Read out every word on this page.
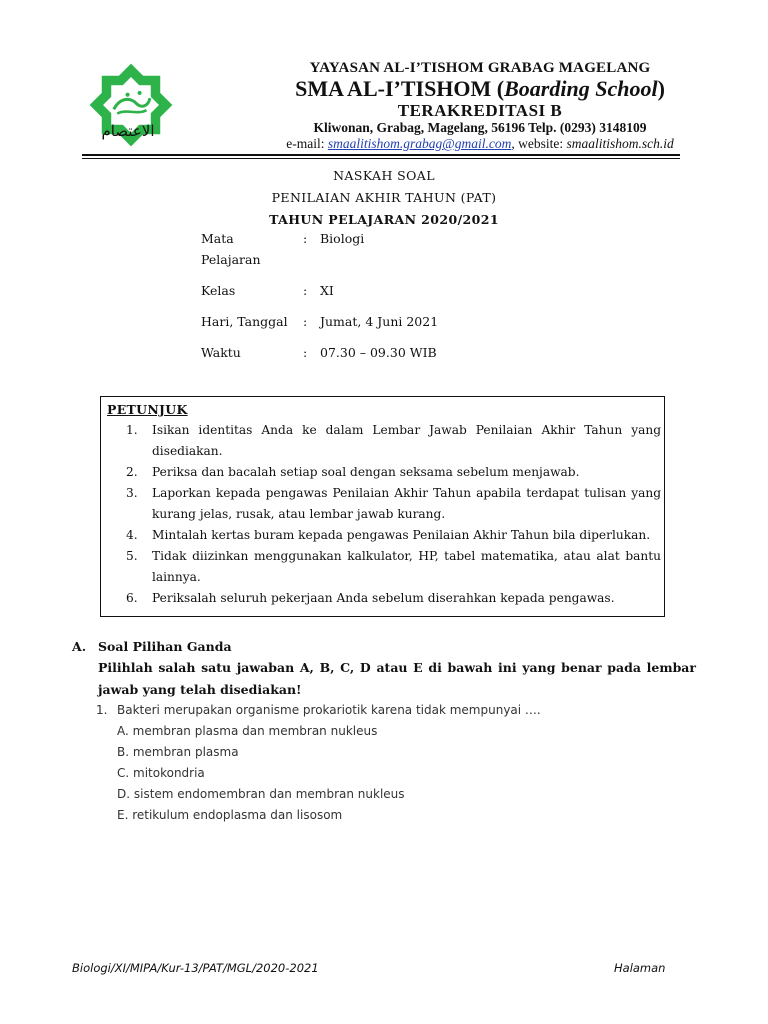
الاعتصام
YAYASAN AL-I’TISHOM GRABAG MAGELANG
SMA AL-I’TISHOM (Boarding School)
TERAKREDITASI B
Kliwonan, Grabag, Magelang, 56196 Telp. (0293) 3148109
e-mail: smaalitishom.grabag@gmail.com, website: smaalitishom.sch.id
NASKAH SOAL
PENILAIAN AKHIR TAHUN (PAT)
TAHUN PELAJARAN 2020/2021
Mata
Pelajaran
: Biologi
Kelas	: XI
Hari, Tanggal	: Jumat, 4 Juni 2021
Waktu	: 07.30 – 09.30 WIB
PETUNJUK
1. Isikan identitas Anda ke dalam Lembar Jawab Penilaian Akhir Tahun yang disediakan.
2. Periksa dan bacalah setiap soal dengan seksama sebelum menjawab.
3. Laporkan kepada pengawas Penilaian Akhir Tahun apabila terdapat tulisan yang kurang jelas, rusak, atau lembar jawab kurang.
4. Mintalah kertas buram kepada pengawas Penilaian Akhir Tahun bila diperlukan.
5. Tidak diizinkan menggunakan kalkulator, HP, tabel matematika, atau alat bantu lainnya.
6. Periksalah seluruh pekerjaan Anda sebelum diserahkan kepada pengawas.
A. Soal Pilihan Ganda
Pilihlah salah satu jawaban A, B, C, D atau E di bawah ini yang benar pada lembar jawab yang telah disediakan!
1. Bakteri merupakan organisme prokariotik karena tidak mempunyai ….
A. membran plasma dan membran nukleus
B. membran plasma
C. mitokondria
D. sistem endomembran dan membran nukleus
E. retikulum endoplasma dan lisosom
Biologi/XI/MIPA/Kur-13/PAT/MGL/2020-2021	Halaman
